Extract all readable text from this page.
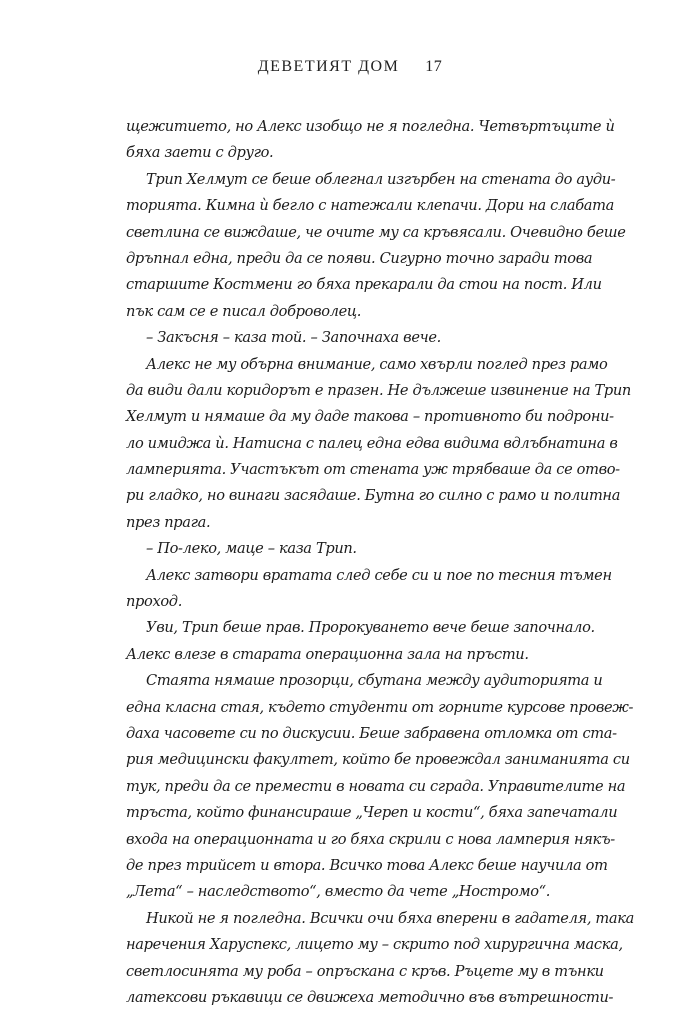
ДЕВЕТИЯТ ДОМ 17
щежитието, но Алекс изобщо не я погледна. Четвъртъците ѝ
бяха заети с друго.
Трип Хелмут се беше облегнал изгърбен на стената до ауди-
торията. Кимна ѝ бегло с натежали клепачи. Дори на слабата
светлина се виждаше, че очите му са кръвясали. Очевидно беше
дръпнал една, преди да се появи. Сигурно точно заради това
старшите Костмени го бяха прекарали да стои на пост. Или
пък сам се е писал доброволец.
– Закъсня – каза той. – Започнаха вече.
Алекс не му обърна внимание, само хвърли поглед през рамо
да види дали коридорът е празен. Не дължеше извинение на Трип
Хелмут и нямаше да му даде такова – противното би подрони-
ло имиджа ѝ. Натисна с палец една едва видима вдлъбнатина в
ламперията. Участъкът от стената уж трябваше да се отво-
ри гладко, но винаги засядаше. Бутна го силно с рамо и политна
през прага.
– По-леко, маце – каза Трип.
Алекс затвори вратата след себе си и пое по тесния тъмен
проход.
Уви, Трип беше прав. Пророкуването вече беше започнало.
Алекс влезе в старата операционна зала на пръсти.
Стаята нямаше прозорци, сбутана между аудиторията и
една класна стая, където студенти от горните курсове провеж-
даха часовете си по дискусии. Беше забравена отломка от ста-
рия медицински факултет, който бе провеждал заниманията си
тук, преди да се премести в новата си сграда. Управителите на
тръста, който финансираше „Череп и кости“, бяха запечатали
входа на операционната и го бяха скрили с нова ламперия някъ-
де през трийсет и втора. Всичко това Алекс беше научила от
„Лета“ – наследството“, вместо да чете „Ностромо“.
Никой не я погледна. Всички очи бяха вперени в гадателя, така
наречения Харуспекс, лицето му – скрито под хирургична маска,
светлосинята му роба – опръскана с кръв. Ръцете му в тънки
латексови ръкавици се движеха методично във вътрешности-
